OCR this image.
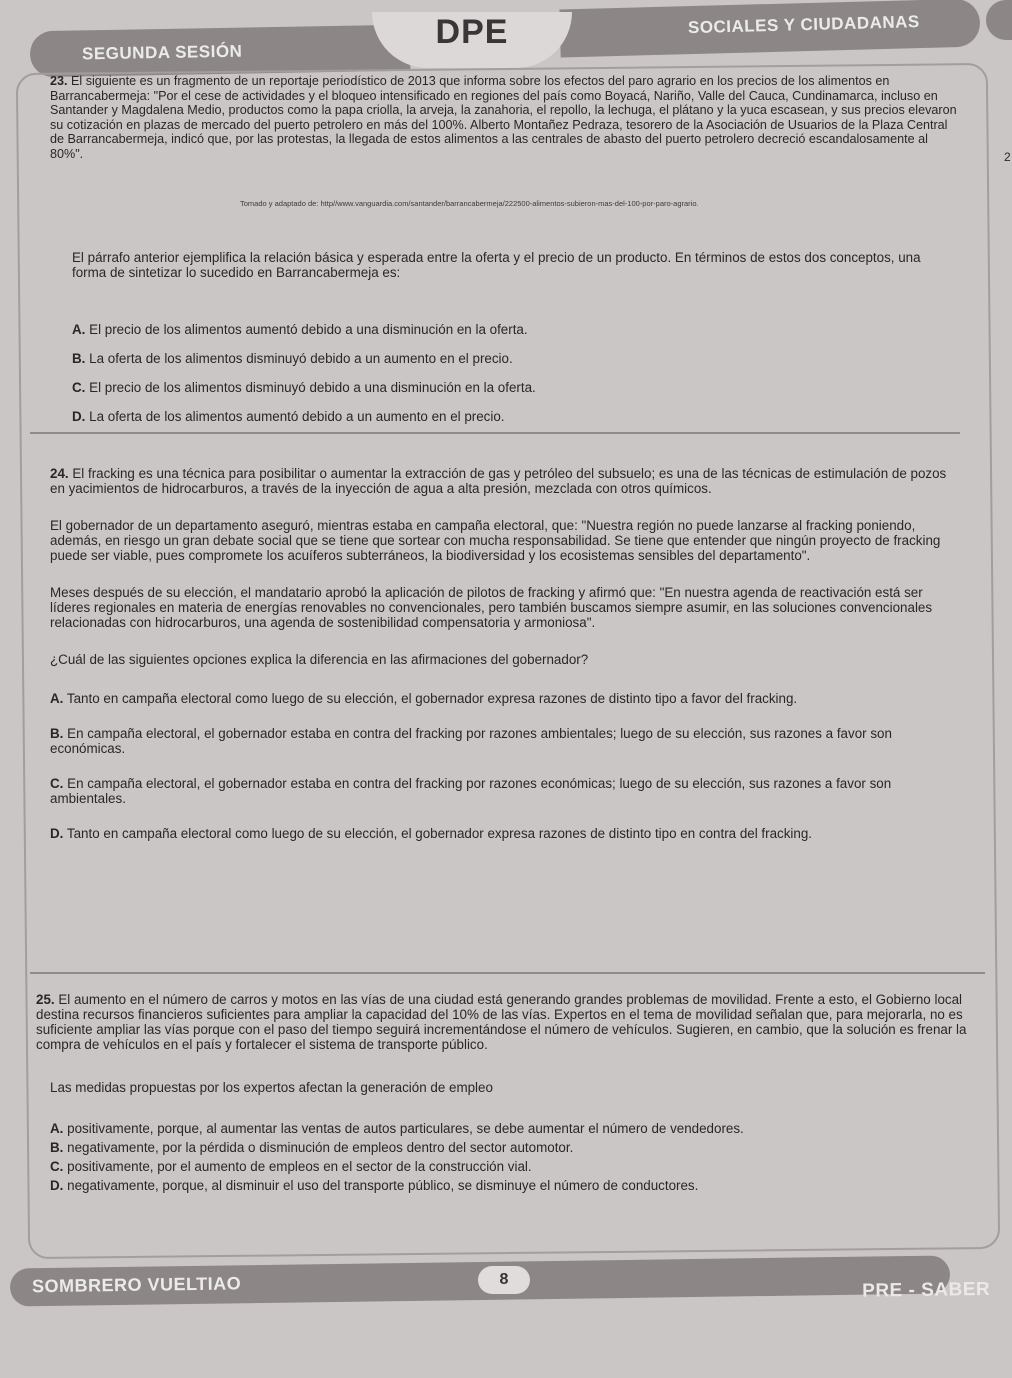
SEGUNDA SESIÓN
SOCIALES Y CIUDADANAS
DPE
2

23. El siguiente es un fragmento de un reportaje periodístico de 2013 que informa sobre los efectos del paro agrario en los precios de los alimentos en Barrancabermeja: "Por el cese de actividades y el bloqueo intensificado en regiones del país como Boyacá, Nariño, Valle del Cauca, Cundinamarca, incluso en Santander y Magdalena Medio, productos como la papa criolla, la arveja, la zanahoria, el repollo, la lechuga, el plátano y la yuca escasean, y sus precios elevaron su cotización en plazas de mercado del puerto petrolero en más del 100%. Alberto Montañez Pedraza, tesorero de la Asociación de Usuarios de la Plaza Central de Barrancabermeja, indicó que, por las protestas, la llegada de estos alimentos a las centrales de abasto del puerto petrolero decreció escandalosamente al 80%".

Tomado y adaptado de: http//www.vanguardia.com/santander/barrancabermeja/222500-alimentos-subieron-mas-del-100-por-paro-agrario.

El párrafo anterior ejemplifica la relación básica y esperada entre la oferta y el precio de un producto. En términos de estos dos conceptos, una forma de sintetizar lo sucedido en Barrancabermeja es:

A. El precio de los alimentos aumentó debido a una disminución en la oferta.

B. La oferta de los alimentos disminuyó debido a un aumento en el precio.

C. El precio de los alimentos disminuyó debido a una disminución en la oferta.

D. La oferta de los alimentos aumentó debido a un aumento en el precio.

24. El fracking es una técnica para posibilitar o aumentar la extracción de gas y petróleo del subsuelo; es una de las técnicas de estimulación de pozos en yacimientos de hidrocarburos, a través de la inyección de agua a alta presión, mezclada con otros químicos.

El gobernador de un departamento aseguró, mientras estaba en campaña electoral, que: "Nuestra región no puede lanzarse al fracking poniendo, además, en riesgo un gran debate social que se tiene que sortear con mucha responsabilidad. Se tiene que entender que ningún proyecto de fracking puede ser viable, pues compromete los acuíferos subterráneos, la biodiversidad y los ecosistemas sensibles del departamento".

Meses después de su elección, el mandatario aprobó la aplicación de pilotos de fracking y afirmó que: "En nuestra agenda de reactivación está ser líderes regionales en materia de energías renovables no convencionales, pero también buscamos siempre asumir, en las soluciones convencionales relacionadas con hidrocarburos, una agenda de sostenibilidad compensatoria y armoniosa".

¿Cuál de las siguientes opciones explica la diferencia en las afirmaciones del gobernador?

A. Tanto en campaña electoral como luego de su elección, el gobernador expresa razones de distinto tipo a favor del fracking.

B. En campaña electoral, el gobernador estaba en contra del fracking por razones ambientales; luego de su elección, sus razones a favor son económicas.

C. En campaña electoral, el gobernador estaba en contra del fracking por razones económicas; luego de su elección, sus razones a favor son ambientales.

D. Tanto en campaña electoral como luego de su elección, el gobernador expresa razones de distinto tipo en contra del fracking.

25. El aumento en el número de carros y motos en las vías de una ciudad está generando grandes problemas de movilidad. Frente a esto, el Gobierno local destina recursos financieros suficientes para ampliar la capacidad del 10% de las vías. Expertos en el tema de movilidad señalan que, para mejorarla, no es suficiente ampliar las vías porque con el paso del tiempo seguirá incrementándose el número de vehículos. Sugieren, en cambio, que la solución es frenar la compra de vehículos en el país y fortalecer el sistema de transporte público.

Las medidas propuestas por los expertos afectan la generación de empleo

A. positivamente, porque, al aumentar las ventas de autos particulares, se debe aumentar el número de vendedores.

B. negativamente, por la pérdida o disminución de empleos dentro del sector automotor.

C. positivamente, por el aumento de empleos en el sector de la construcción vial.

D. negativamente, porque, al disminuir el uso del transporte público, se disminuye el número de conductores.

SOMBRERO VUELTIAO	PRE - SABER
8
